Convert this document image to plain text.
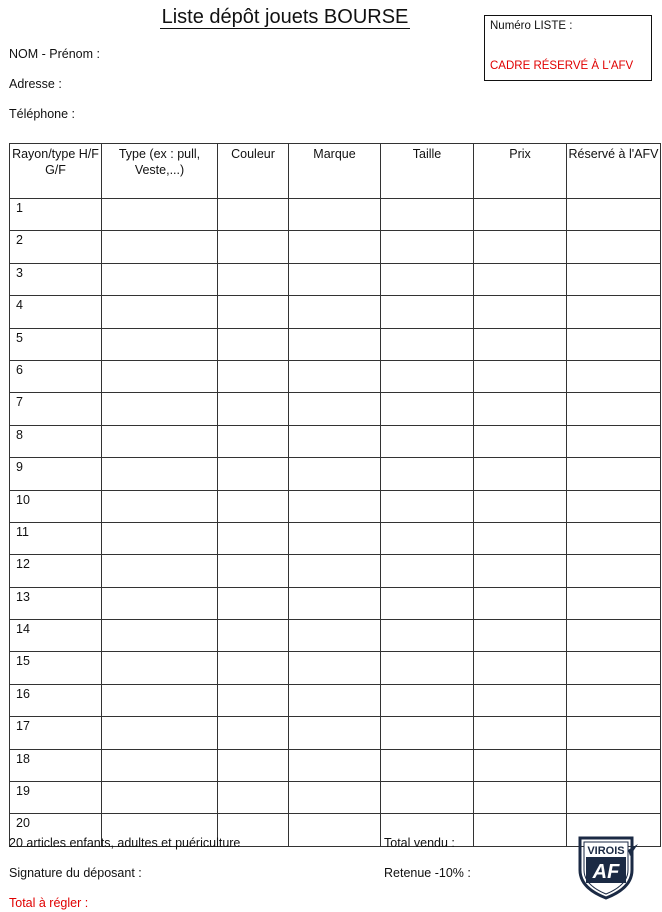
Liste dépôt jouets BOURSE	Numéro LISTE :
CADRE RÉSERVÉ À L'AFV
NOM - Prénom :
Adresse :
Téléphone :
Rayon/type H/F G/F	Type (ex : pull, Veste,...)	Couleur	Marque	Taille	Prix	Réservé à l'AFV
1						
2						
3						
4						
5						
6						
7						
8						
9						
10						
11						
12						
13						
14						
15						
16						
17						
18						
19						
20						
20 articles enfants, adultes et puériculture
Signature du déposant :
Total à régler :
Total vendu :
Retenue -10% :
VIROIS
AF
